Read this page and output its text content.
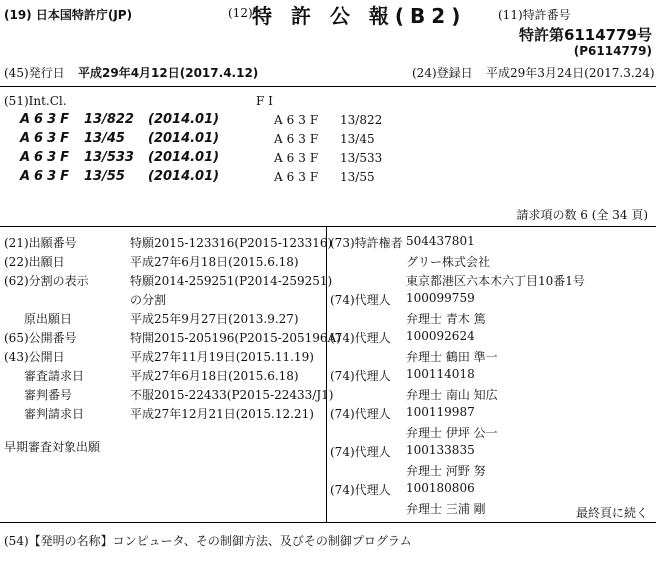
(19) 日本国特許庁(JP)	(12) 特 許 公 報(B2)	(11)特許番号
特許第6114779号
(P6114779)
(45)発行日 平成29年4月12日(2017.4.12)	(24)登録日 平成29年3月24日(2017.3.24)
(51)Int.Cl.	F I
A63F 13/822 (2014.01)	A63F 13/822
A63F 13/45 (2014.01)	A63F 13/45
A63F 13/533 (2014.01)	A63F 13/533
A63F 13/55 (2014.01)	A63F 13/55
請求項の数 6 (全 34 頁)
(21)出願番号	特願2015-123316(P2015-123316)
(22)出願日	平成27年6月18日(2015.6.18)
(62)分割の表示	特願2014-259251(P2014-259251)
の分割
原出願日	平成25年9月27日(2013.9.27)
(65)公開番号	特開2015-205196(P2015-205196A)
(43)公開日	平成27年11月19日(2015.11.19)
審査請求日	平成27年6月18日(2015.6.18)
審判番号	不服2015-22433(P2015-22433/J1)
審判請求日	平成27年12月21日(2015.12.21)
早期審査対象出願
(73)特許権者 504437801
グリー株式会社
東京都港区六本木六丁目10番1号
(74)代理人 100099759
弁理士 青木 篤
(74)代理人 100092624
弁理士 鶴田 準一
(74)代理人 100114018
弁理士 南山 知広
(74)代理人 100119987
弁理士 伊坪 公一
(74)代理人 100133835
弁理士 河野 努
(74)代理人 100180806
弁理士 三浦 剛	最終頁に続く
(54)【発明の名称】コンピュータ、その制御方法、及びその制御プログラム
